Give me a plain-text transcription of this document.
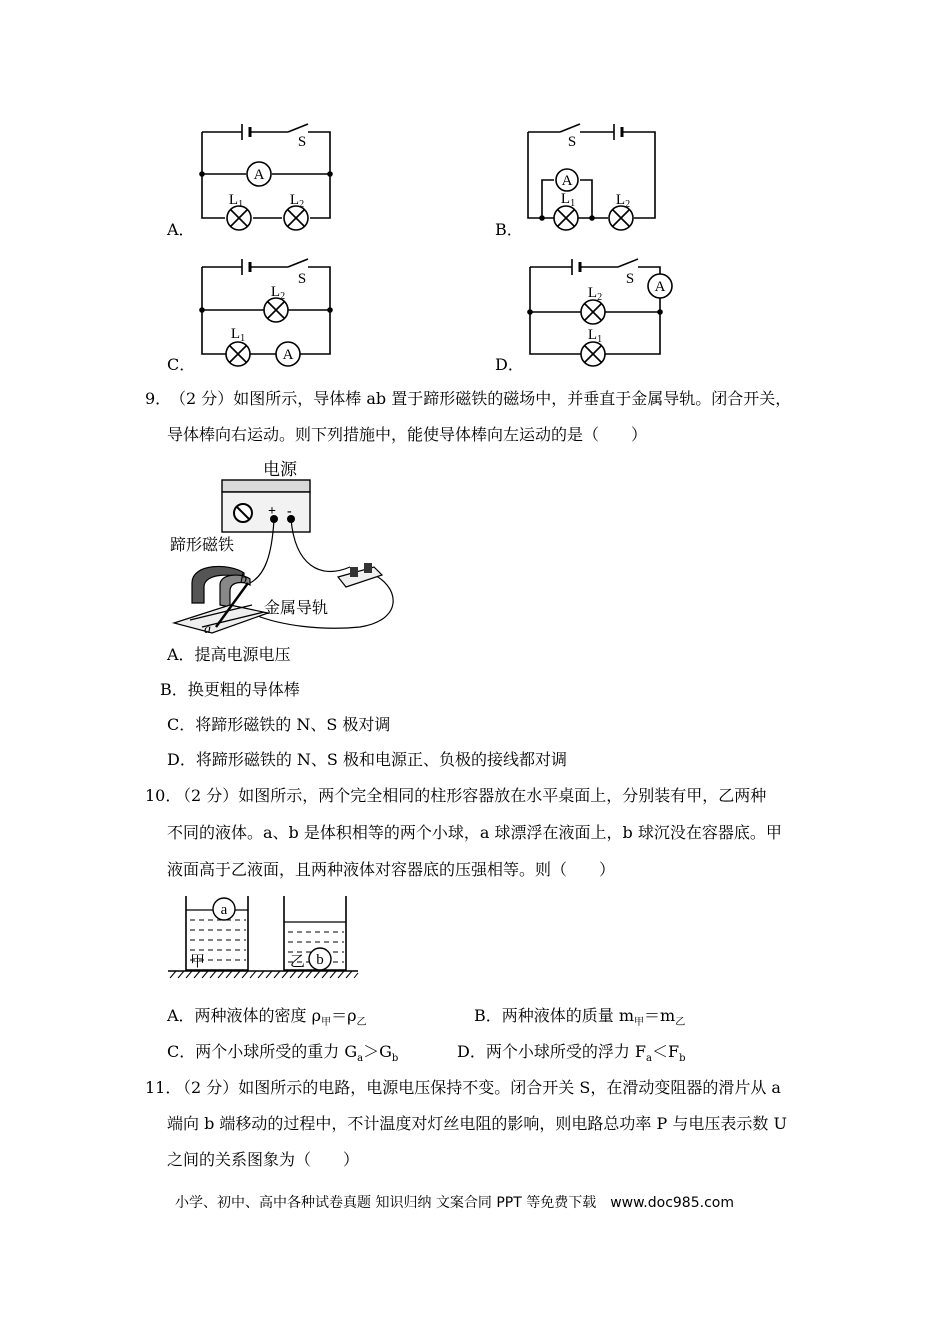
A．	B．
C．	D．
S
A
$L_1$	$L_2$
S
A
$L_1$	$L_2$
S
$L_2$
$L_1$
A
S A
$L_2$
$L_1$
9．
（2 分）如图所示，导体棒 ab 置于蹄形磁铁的磁场中，并垂直于金属导轨。闭合开关，
导体棒向右运动。则下列措施中，能使导体棒向左运动的是（　　）
电源
+ -
蹄形磁铁
b
a
金属导轨
A．提高电源电压
B．换更粗的导体棒
C．将蹄形磁铁的 N、S 极对调
D．将蹄形磁铁的 N、S 极和电源正、负极的接线都对调
10．
（2 分）如图所示，两个完全相同的柱形容器放在水平桌面上，分别装有甲，乙两种
不同的液体。a、b 是体积相等的两个小球，a 球漂浮在液面上，b 球沉没在容器底。甲
液面高于乙液面，且两种液体对容器底的压强相等。则（　　）
a
甲	b
乙
A．两种液体的密度 $\rho_甲=\rho_乙$	B．两种液体的质量 $m_甲=m_乙$
C．两个小球所受的重力 $G_a>G_b$	D．两个小球所受的浮力 $F_a<F_b$
11．
（2 分）如图所示的电路，电源电压保持不变。闭合开关 S，在滑动变阻器的滑片从 a
端向 b 端移动的过程中，不计温度对灯丝电阻的影响，则电路总功率 P 与电压表示数 U
之间的关系图象为（　　）
小学、初中、高中各种试卷真题 知识归纳 文案合同 PPT 等免费下载　www.doc985.com
